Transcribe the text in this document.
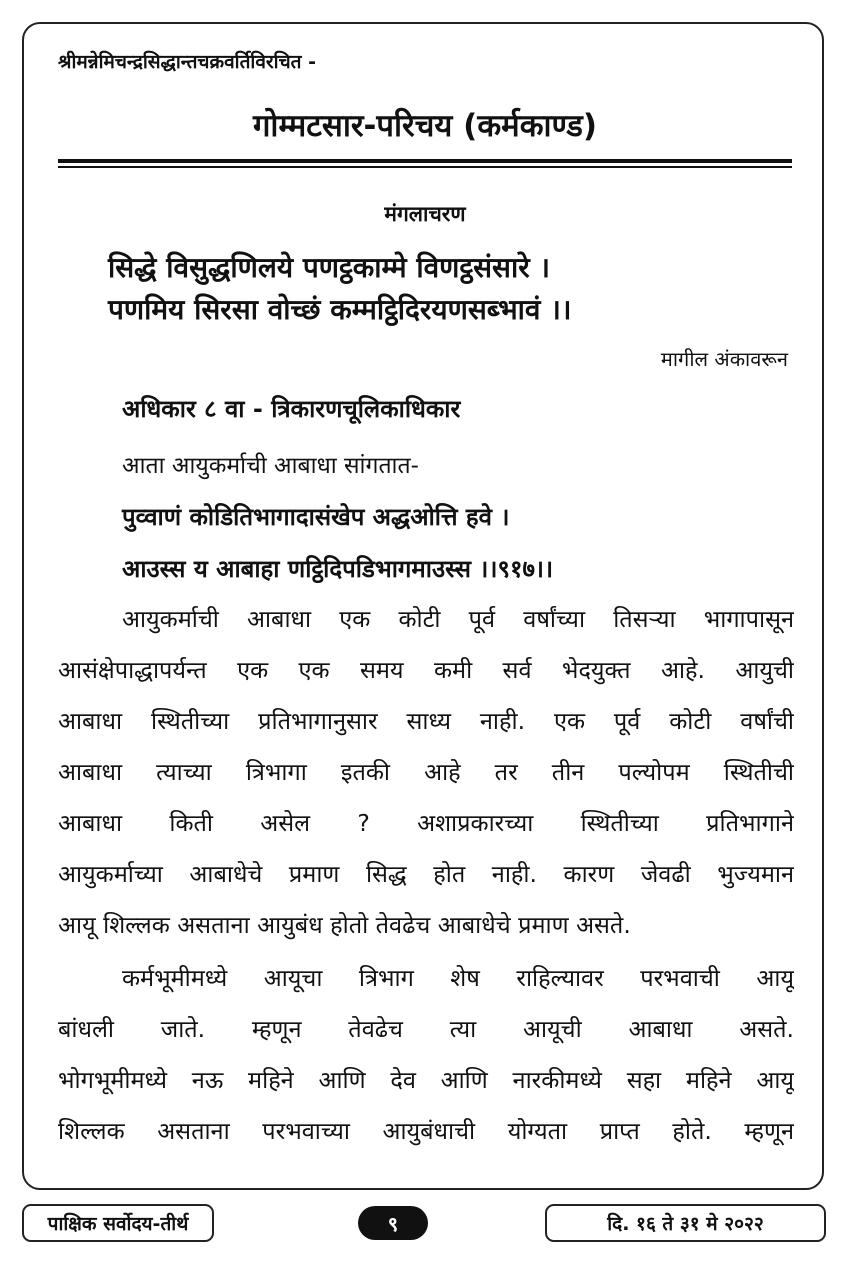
श्रीमन्नेमिचन्द्रसिद्धान्तचक्रवर्तिविरचित -
गोम्मटसार-परिचय (कर्मकाण्ड)
मंगलाचरण
सिद्धे विसुद्धणिलये पणट्ठकाम्मे विणट्ठसंसारे ।
पणमिय सिरसा वोच्छं कम्मट्ठिदिरयणसब्भावं ।।
मागील अंकावरून
अधिकार ८ वा - त्रिकारणचूलिकाधिकार
आता आयुकर्माची आबाधा सांगतात-
पुव्वाणं कोडितिभागादासंखेप अद्धओत्ति हवे ।
आउस्स य आबाहा णट्ठिदिपडिभागमाउस्स ।।९१७।।
आयुकर्माची आबाधा एक कोटी पूर्व वर्षांच्या तिसऱ्या भागापासून
आसंक्षेपाद्धापर्यन्त एक एक समय कमी सर्व भेदयुक्त आहे. आयुची
आबाधा स्थितीच्या प्रतिभागानुसार साध्य नाही. एक पूर्व कोटी वर्षांची
आबाधा त्याच्या त्रिभागा इतकी आहे तर तीन पल्योपम स्थितीची
आबाधा किती असेल ? अशाप्रकारच्या स्थितीच्या प्रतिभागाने
आयुकर्माच्या आबाधेचे प्रमाण सिद्ध होत नाही. कारण जेवढी भुज्यमान
आयू शिल्लक असताना आयुबंध होतो तेवढेच आबाधेचे प्रमाण असते.
कर्मभूमीमध्ये आयूचा त्रिभाग शेष राहिल्यावर परभवाची आयू
बांधली जाते. म्हणून तेवढेच त्या आयूची आबाधा असते.
भोगभूमीमध्ये नऊ महिने आणि देव आणि नारकीमध्ये सहा महिने आयू
शिल्लक असताना परभवाच्या आयुबंधाची योग्यता प्राप्त होते. म्हणून
पाक्षिक सर्वोदय-तीर्थ	९	दि. १६ ते ३१ मे २०२२
